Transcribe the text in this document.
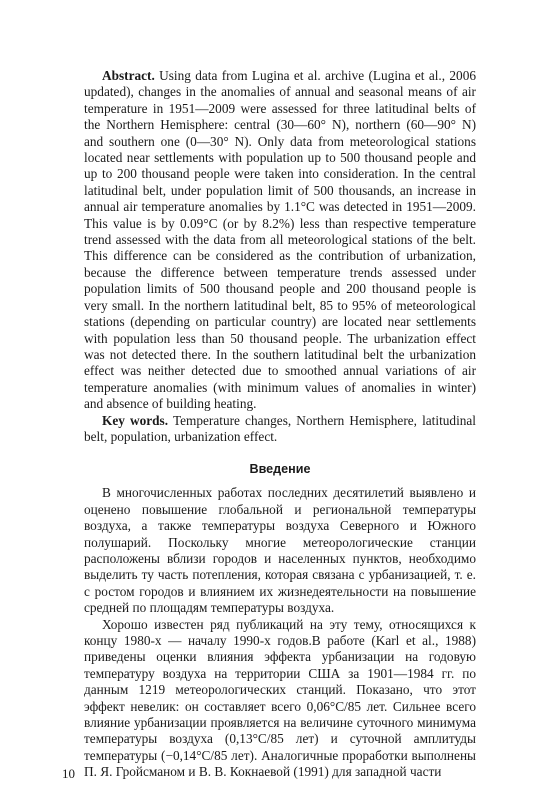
Abstract. Using data from Lugina et al. archive (Lugina et al., 2006 updated), changes in the anomalies of annual and seasonal means of air temperature in 1951—2009 were assessed for three latitudinal belts of the Northern Hemisphere: central (30—60° N), northern (60—90° N) and southern one (0—30° N). Only data from meteorological stations located near settlements with population up to 500 thousand people and up to 200 thousand people were taken into consideration. In the central latitudinal belt, under population limit of 500 thousands, an increase in annual air temperature anomalies by 1.1°C was detected in 1951—2009. This value is by 0.09°C (or by 8.2%) less than respective temperature trend assessed with the data from all meteorological stations of the belt. This difference can be considered as the contribution of urbanization, because the difference between temperature trends assessed under population limits of 500 thousand people and 200 thousand people is very small. In the northern latitudinal belt, 85 to 95% of meteorological stations (depending on particular country) are located near settlements with population less than 50 thousand people. The urbanization effect was not detected there. In the southern latitudinal belt the urbanization effect was neither detected due to smoothed annual variations of air temperature anomalies (with minimum values of anomalies in winter) and absence of building heating.

Key words. Temperature changes, Northern Hemisphere, latitudinal belt, population, urbanization effect.

Введение

В многочисленных работах последних десятилетий выявлено и оценено повышение глобальной и региональной температуры воздуха, а также температуры воздуха Северного и Южного полушарий. Поскольку многие метеорологические станции расположены вблизи городов и населенных пунктов, необходимо выделить ту часть потепления, которая связана с урбанизацией, т. е. с ростом городов и влиянием их жизнедеятельности на повышение средней по площадям температуры воздуха.

Хорошо известен ряд публикаций на эту тему, относящихся к концу 1980-х — началу 1990-х годов.В работе (Karl et al., 1988) приведены оценки влияния эффекта урбанизации на годовую температуру воздуха на территории США за 1901—1984 гг. по данным 1219 метеорологических станций. Показано, что этот эффект невелик: он составляет всего 0,06°С/85 лет. Сильнее всего влияние урбанизации проявляется на величине суточного минимума температуры воздуха (0,13°С/85 лет) и суточной амплитуды температуры (−0,14°С/85 лет). Аналогичные проработки выполнены П. Я. Гройсманом и В. В. Кокнаевой (1991) для западной части

10
